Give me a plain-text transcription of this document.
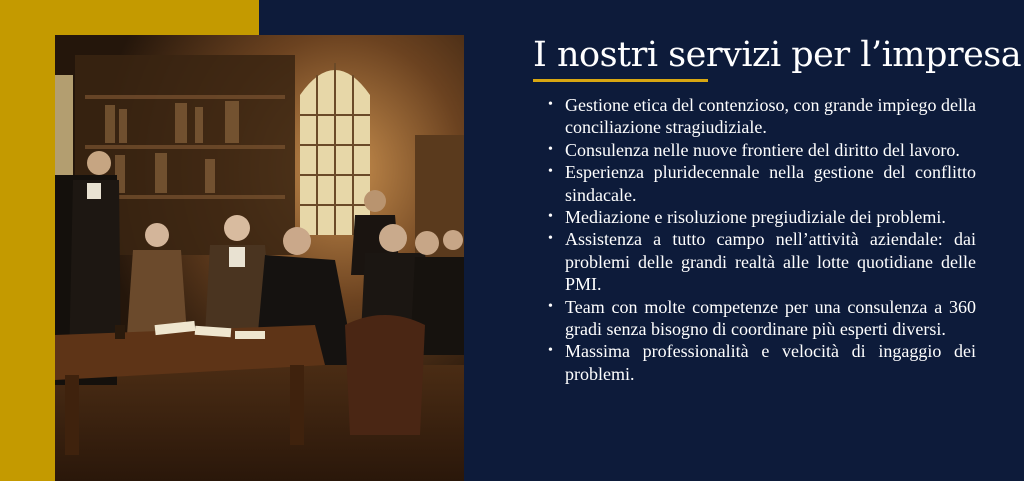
I nostri servizi per l’impresa
• Gestione etica del contenzioso, con grande impiego della conciliazione stragiudiziale.
• Consulenza nelle nuove frontiere del diritto del lavoro.
• Esperienza pluridecennale nella gestione del conflitto sindacale.
• Mediazione e risoluzione pregiudiziale dei problemi.
• Assistenza a tutto campo nell’attività aziendale: dai problemi delle grandi realtà alle lotte quotidiane delle PMI.
• Team con molte competenze per una consulenza a 360 gradi senza bisogno di coordinare più esperti diversi.
• Massima professionalità e velocità di ingaggio dei problemi.
